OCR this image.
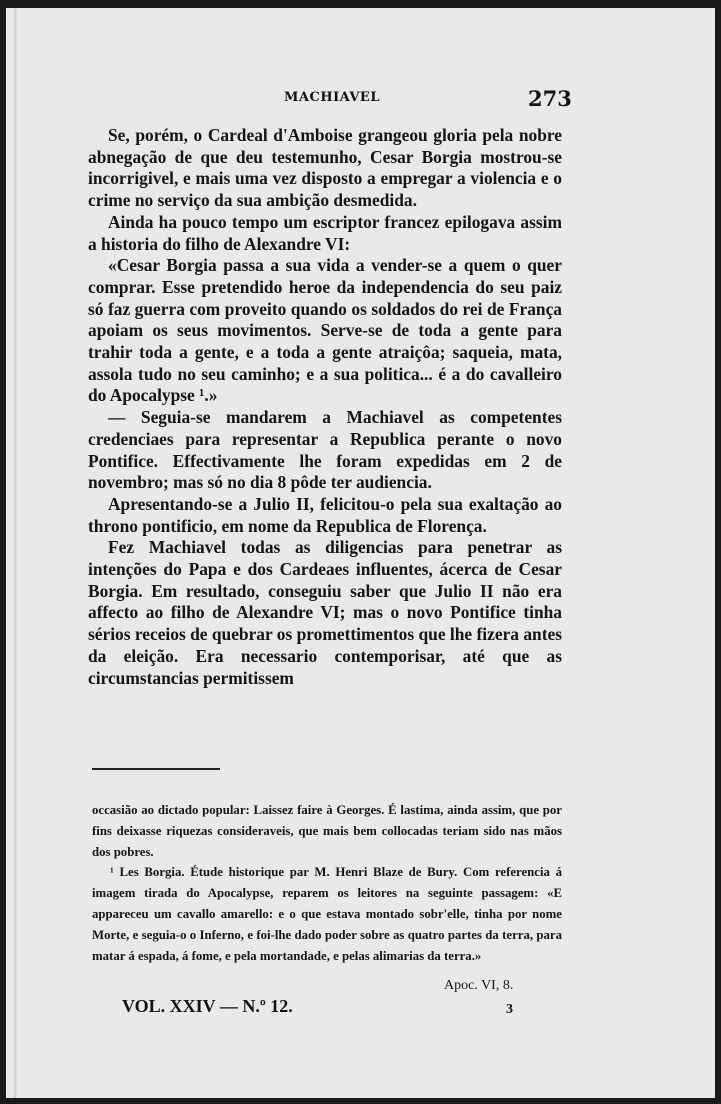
MACHIAVEL	273

Se, porém, o Cardeal d'Amboise grangeou gloria pela nobre abnegação de que deu testemunho, Cesar Borgia mostrou-se incorrigivel, e mais uma vez disposto a empregar a violencia e o crime no serviço da sua ambição desmedida.

Ainda ha pouco tempo um escriptor francez epilogava assim a historia do filho de Alexandre VI:

«Cesar Borgia passa a sua vida a vender-se a quem o quer comprar. Esse pretendido heroe da independencia do seu paiz só faz guerra com proveito quando os soldados do rei de França apoiam os seus movimentos. Serve-se de toda a gente para trahir toda a gente, e a toda a gente atraiçôa; saqueia, mata, assola tudo no seu caminho; e a sua politica... é a do cavalleiro do Apocalypse ¹.»

— Seguia-se mandarem a Machiavel as competentes credenciaes para representar a Republica perante o novo Pontifice. Effectivamente lhe foram expedidas em 2 de novembro; mas só no dia 8 pôde ter audiencia.

Apresentando-se a Julio II, felicitou-o pela sua exaltação ao throno pontificio, em nome da Republica de Florença.

Fez Machiavel todas as diligencias para penetrar as intenções do Papa e dos Cardeaes influentes, ácerca de Cesar Borgia. Em resultado, conseguiu saber que Julio II não era affecto ao filho de Alexandre VI; mas o novo Pontifice tinha sérios receios de quebrar os promettimentos que lhe fizera antes da eleição. Era necessario contemporisar, até que as circumstancias permitissem

occasião ao dictado popular: Laissez faire à Georges. É lastima, ainda assim, que por fins deixasse riquezas consideraveis, que mais bem collocadas teriam sido nas mãos dos pobres.

¹ Les Borgia. Étude historique par M. Henri Blaze de Bury. Com referencia á imagem tirada do Apocalypse, reparem os leitores na seguinte passagem: «E appareceu um cavallo amarello: e o que estava montado sobr'elle, tinha por nome Morte, e seguia-o o Inferno, e foi-lhe dado poder sobre as quatro partes da terra, para matar á espada, á fome, e pela mortandade, e pelas alimarias da terra.»

Apoc. VI, 8.
VOL. XXIV — N.º 12.	3
